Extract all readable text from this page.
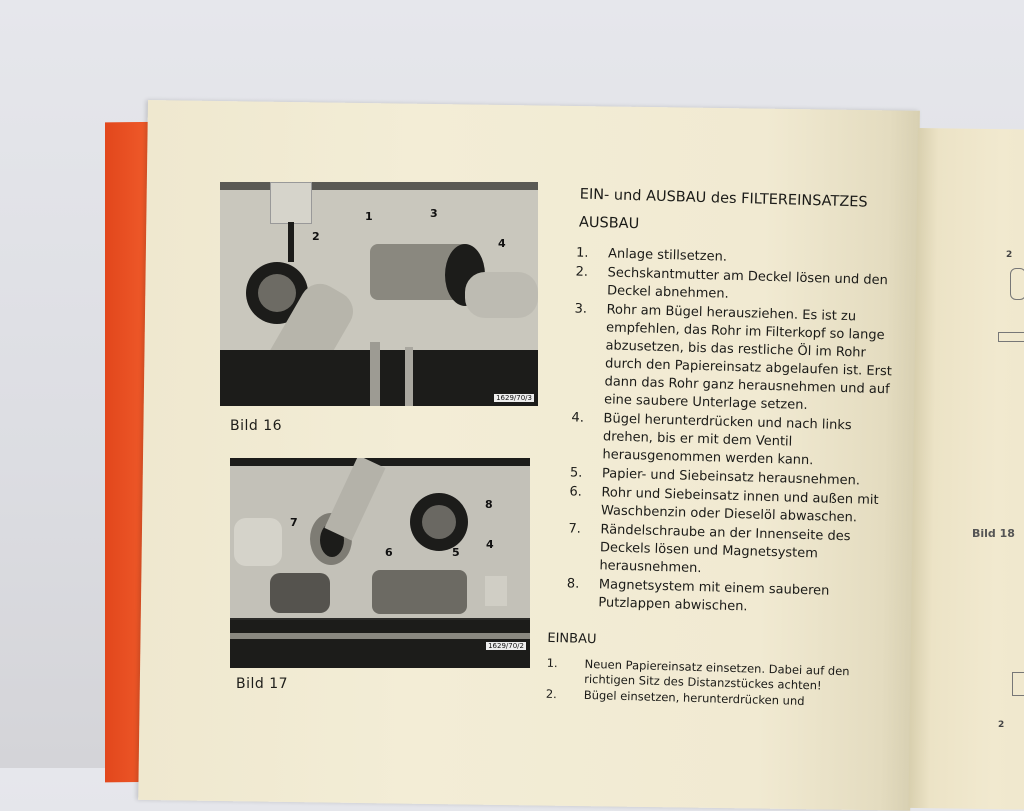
1
2
3
4
1629/70/3
Bild 16
7
6	5
4
8
1629/70/2
Bild 17
EIN- und AUSBAU des FILTEREINSATZES
AUSBAU
1.	Anlage stillsetzen.
2.	Sechskantmutter am Deckel lösen und den Deckel abnehmen.
3.	Rohr am Bügel herausziehen. Es ist zu empfehlen, das Rohr im Filterkopf so lange abzusetzen, bis das restliche Öl im Rohr durch den Papiereinsatz abgelaufen ist. Erst dann das Rohr ganz herausnehmen und auf eine saubere Unterlage setzen.
4.	Bügel herunterdrücken und nach links drehen, bis er mit dem Ventil herausgenommen werden kann.
5.	Papier- und Siebeinsatz herausnehmen.
6.	Rohr und Siebeinsatz innen und außen mit Waschbenzin oder Dieselöl abwaschen.
7.	Rändelschraube an der Innenseite des Deckels lösen und Magnetsystem herausnehmen.
8.	Magnetsystem mit einem sauberen Putzlappen abwischen.
EINBAU
1.	Neuen Papiereinsatz einsetzen. Dabei auf den richtigen Sitz des Distanzstückes achten!
2.	Bügel einsetzen, herunterdrücken und
2
Bild 18
2
